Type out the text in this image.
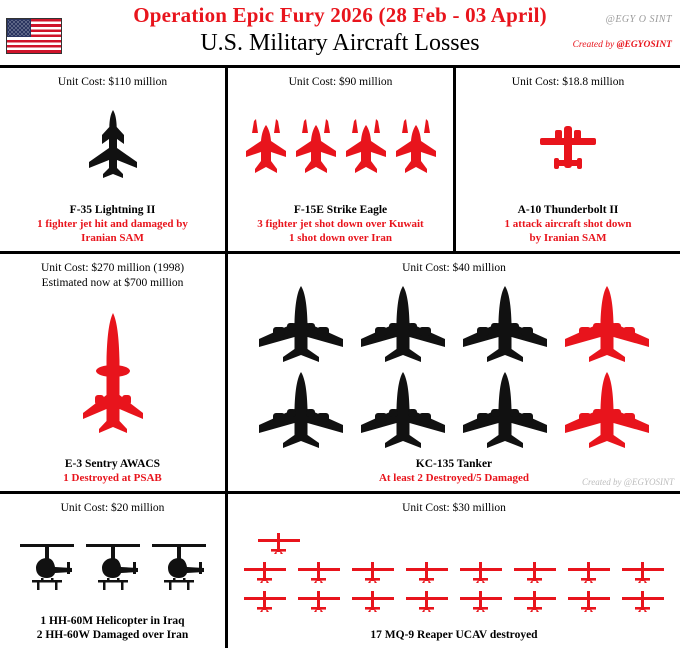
Operation Epic Fury 2026 (28 Feb - 03 April)
U.S. Military Aircraft Losses
@EGY O SINT
Created by @EGYOSINT
Unit Cost: $110 million
F-35 Lightning II
1 fighter jet hit and damaged by
Iranian SAM
Unit Cost: $90 million
F-15E Strike Eagle
3 fighter jet shot down over Kuwait
1 shot down over Iran
Unit Cost: $18.8 million
A-10 Thunderbolt II
1 attack aircraft shot down
by Iranian SAM
Unit Cost: $270 million (1998)
Estimated now at $700 million
E-3 Sentry AWACS
1 Destroyed at PSAB
Unit Cost: $40 million
KC-135 Tanker
At least 2 Destroyed/5 Damaged	Created by @EGYOSINT
Unit Cost: $20 million
1 HH-60M Helicopter in Iraq
2 HH-60W Damaged over Iran
Unit Cost: $30 million
17 MQ-9 Reaper UCAV destroyed
